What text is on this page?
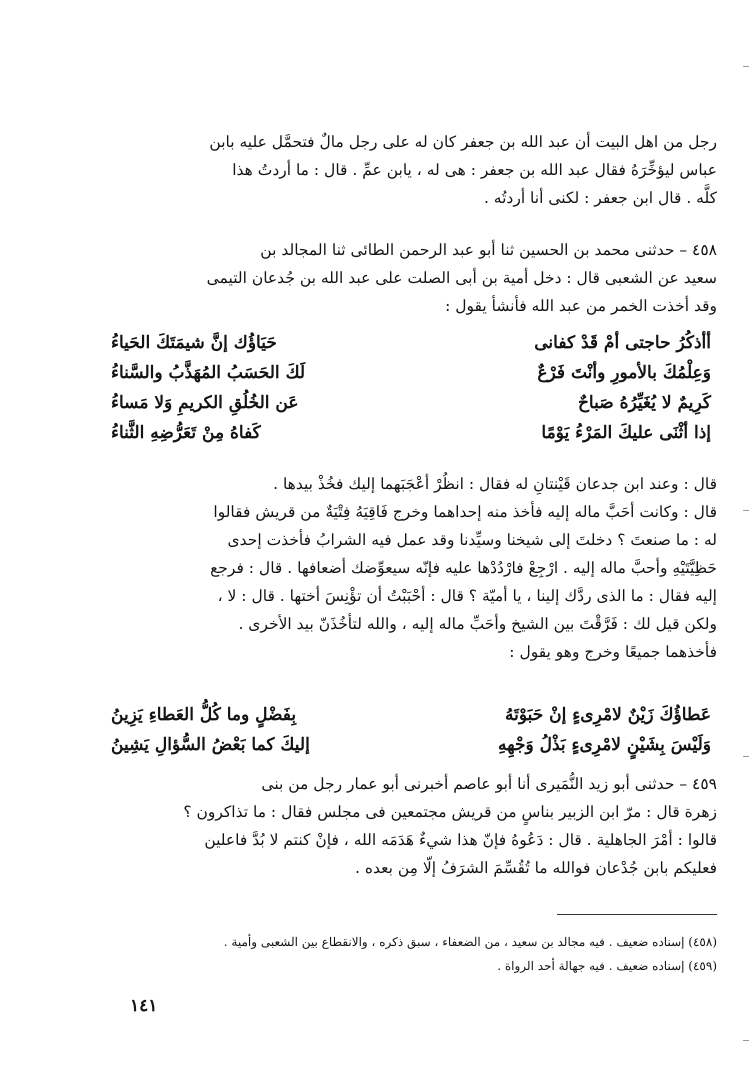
رجل من اهل البيت أن عبد الله بن جعفر كان له على رجل مالٌ فتحمَّل عليه بابن
عباس ليؤخِّرَهُ فقال عبد الله بن جعفر : هى له ، يابن عمِّ . قال : ما أردتُ هذا
كلَّه . قال ابن جعفر : لكنى أنا أردتُه .
٤٥٨ – حدثنى محمد بن الحسين ثنا أبو عبد الرحمن الطائى ثنا المجالد بن
سعيد عن الشعبى قال : دخل أمية بن أبى الصلت على عبد الله بن جُدعان التيمى
وقد أخذت الخمر من عبد الله فأنشأ يقول :
أأذكُرُ حاجتى أمْ قَدْ كفانى
حَيَاؤُك إنَّ شيمَتَكَ الحَياءُ
وَعِلْمُكَ بالأمورِ وأنْتَ فَرْعٌ
لَكَ الحَسَبُ المُهَذَّبُ والسَّناءُ
كَرِيمٌ لا يُغَيِّرُهُ صَباحٌ
عَن الخُلُقِ الكريمِ وَلا مَساءُ
إذا أثْنَى عليكَ المَرْءُ يَوْمًا
كَفاهُ مِنْ تَعَرُّضِهِ الثَّناءُ
قال : وعند ابن جدعان قَيْنتانِ له فقال : انظُرْ أعْجَبَهما إليك فخُذْ بيدها .
قال : وكانت أحَبَّ ماله إليه فأخذ منه إحداهما وخرج فَاقِيَهُ فِتْيَةٌ من قريش فقالوا
له : ما صنعتَ ؟ دخلتَ إلى شيخنا وسيِّدنا وقد عمل فيه الشرابُ فأخذت إحدى
حَظِيَّتَيْهِ وأحبَّ ماله إليه . ارْجِعْ فارْدُدْها عليه فإنّه سيعوِّضك أضعافها . قال : فرجع
إليه فقال : ما الذى ردَّك إلينا ، يا أميّة ؟ قال : أحْبَبْتُ أن تؤْنِسَ أختها . قال : لا ،
ولكن قيل لك : فَرَّقْتَ بين الشيخ وأحَبِّ ماله إليه ، والله لتأخُذَنّ بيد الأخرى .
فأخذهما جميعًا وخرج وهو يقول :
عَطاؤُكَ زَيْنٌ لامْرِىءٍ إنْ حَبَوْتَهُ
بِفَضْلٍ وما كُلُّ العَطاءِ يَزِينُ
وَلَيْسَ بِشَيْنٍ لامْرِىءٍ بَذْلُ وَجْهِهِ
إليكَ كما بَعْضُ السُّؤالِ يَشِينُ
٤٥٩ – حدثنى أبو زيد النُّمَيرى أنا أبو عاصم أخبرنى أبو عمار رجل من بنى
زهرة قال : مرّ ابن الزبير بناسٍ من قريش مجتمعين فى مجلس فقال : ما تذاكرون ؟
قالوا : أمْرَ الجاهلية . قال : دَعُوهُ فإنّ هذا شيءٌ هَدَمَه الله ، فإنْ كنتم لا بُدَّ فاعلين
فعليكم بابن جُدْعان فوالله ما تُقُسِّمَ الشرَفُ إلّا مِن بعده .
(٤٥٨) إسناده ضعيف . فيه مجالد بن سعيد ، من الضعفاء ، سبق ذكره ، والانقطاع بين الشعبى وأمية .
(٤٥٩) إسناده ضعيف . فيه جهالة أحد الرواة .
١٤١
